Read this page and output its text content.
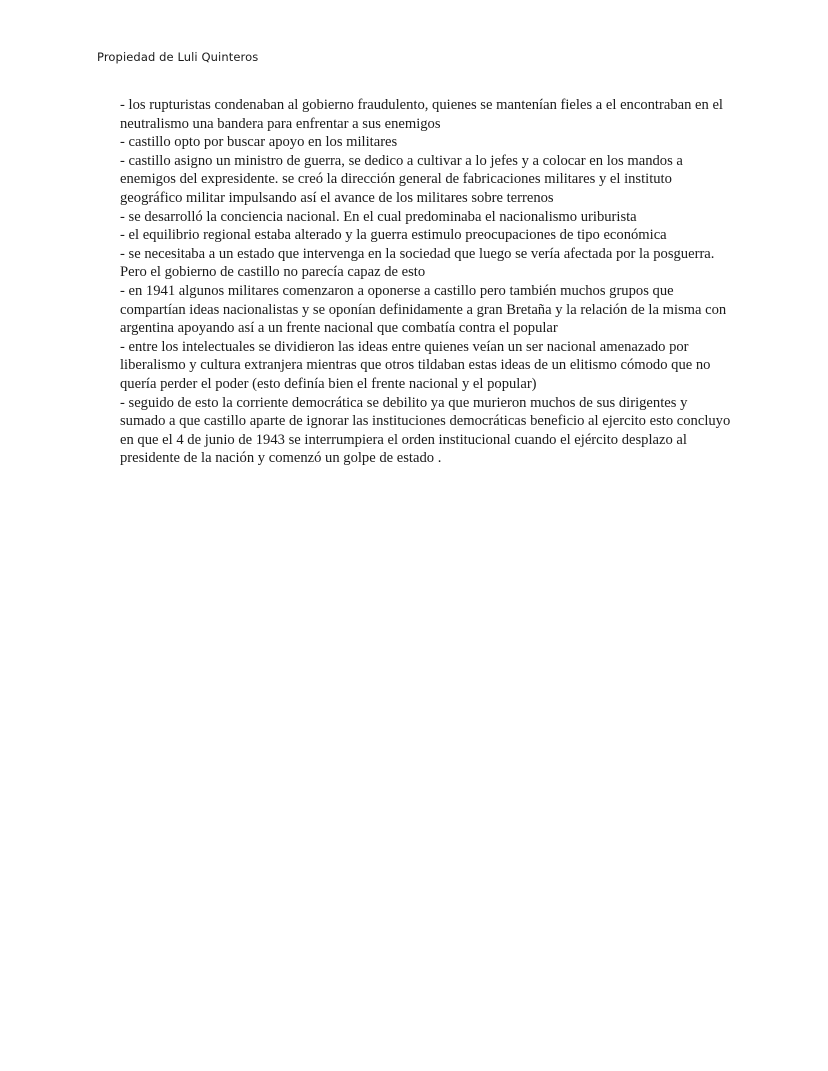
Propiedad de Luli Quinteros

- los rupturistas condenaban al gobierno fraudulento, quienes se mantenían fieles a el encontraban en el neutralismo una bandera para enfrentar a sus enemigos

- castillo opto por buscar apoyo en los militares

- castillo asigno un ministro de guerra, se dedico a cultivar a lo jefes y a colocar en los mandos a enemigos del expresidente. se creó la dirección general de fabricaciones militares y el instituto geográfico militar impulsando así el avance de los militares sobre terrenos

- se desarrolló la conciencia nacional. En el cual predominaba el nacionalismo uriburista

- el equilibrio regional estaba alterado y la guerra estimulo preocupaciones de tipo económica

- se necesitaba a un estado que intervenga en la sociedad que luego se vería afectada por la posguerra. Pero el gobierno de castillo no parecía capaz de esto

- en 1941 algunos militares comenzaron a oponerse a castillo pero también muchos grupos que compartían ideas nacionalistas y se oponían definidamente a gran Bretaña y la relación de la misma con argentina apoyando así a un frente nacional que combatía contra el popular

- entre los intelectuales se dividieron las ideas entre quienes veían un ser nacional amenazado por liberalismo y cultura extranjera mientras que otros tildaban estas ideas de un elitismo cómodo que no quería perder el poder (esto definía bien el frente nacional y el popular)

- seguido de esto la corriente democrática se debilito ya que murieron muchos de sus dirigentes y sumado a que castillo aparte de ignorar las instituciones democráticas beneficio al ejercito esto concluyo en que el 4 de junio de 1943 se interrumpiera el orden institucional cuando el ejército desplazo al presidente de la nación y comenzó un golpe de estado .
